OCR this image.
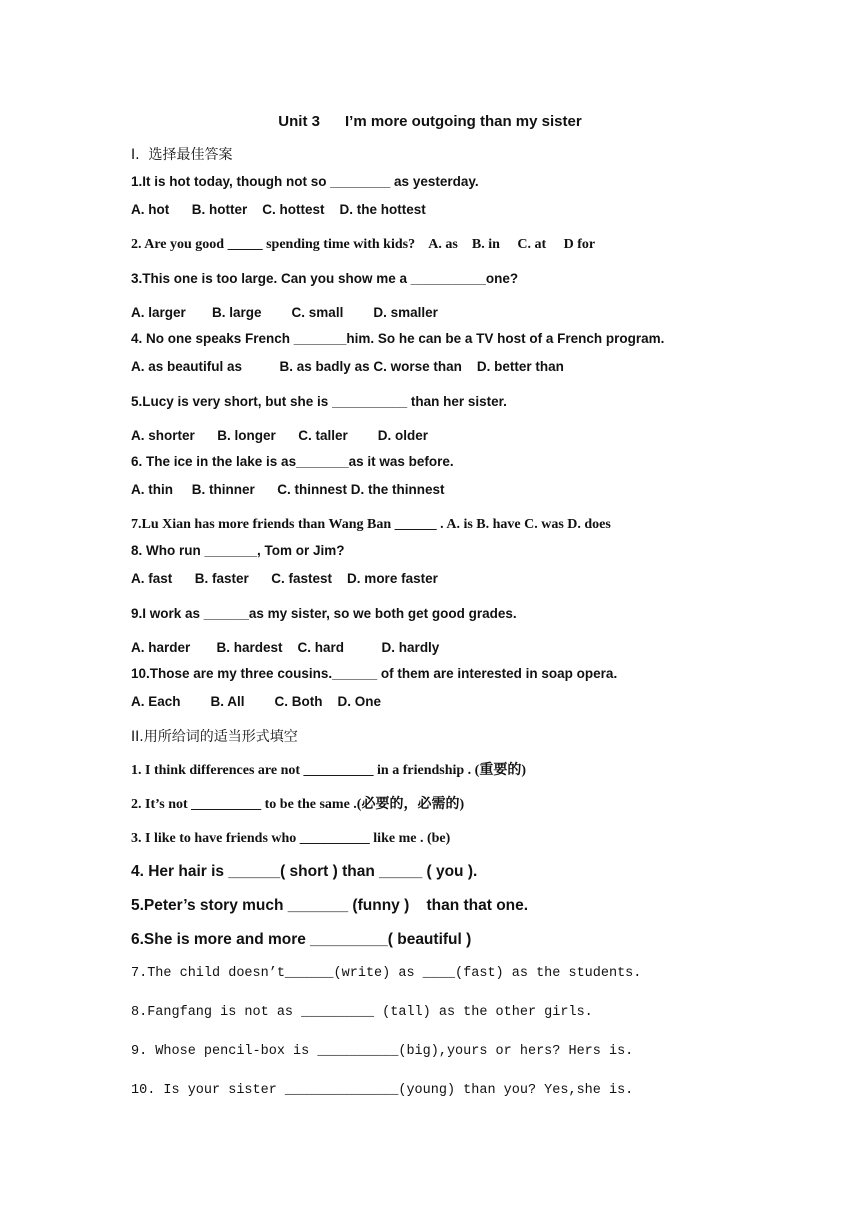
Unit 3 I’m more outgoing than my sister
I.  选择最佳答案
1.It is hot today, though not so ________ as yesterday.
A. hot      B. hotter    C. hottest    D. the hottest
2. Are you good _____ spending time with kids?    A. as    B. in     C. at     D for
3.This one is too large. Can you show me a __________one?
A. larger       B. large        C. small        D. smaller
4. No one speaks French _______him. So he can be a TV host of a French program.
A. as beautiful as          B. as badly as C. worse than    D. better than
5.Lucy is very short, but she is __________ than her sister.
A. shorter      B. longer      C. taller        D. older
6. The ice in the lake is as_______as it was before.
A. thin     B. thinner      C. thinnest D. the thinnest
7.Lu Xian has more friends than Wang Ban ______ . A. is B. have C. was D. does
8. Who run _______, Tom or Jim?
A. fast      B. faster      C. fastest    D. more faster
9.I work as ______as my sister, so we both get good grades.
A. harder       B. hardest    C. hard          D. hardly
10.Those are my three cousins.______ of them are interested in soap opera.
A. Each        B. All        C. Both    D. One
II.用所给词的适当形式填空
1. I think differences are not __________ in a friendship . (重要的)
2. It’s not __________ to be the same .(必要的，必需的)
3. I like to have friends who __________ like me . (be)
4. Her hair is ______( short ) than _____ ( you ).
5.Peter’s story much _______ (funny )    than that one.
6.She is more and more _________( beautiful )
7.The child doesn’t______(write) as ____(fast) as the students.
8.Fangfang is not as _________ (tall) as the other girls.
9. Whose pencil-box is __________(big),yours or hers? Hers is.
10. Is your sister ______________(young) than you? Yes,she is.
